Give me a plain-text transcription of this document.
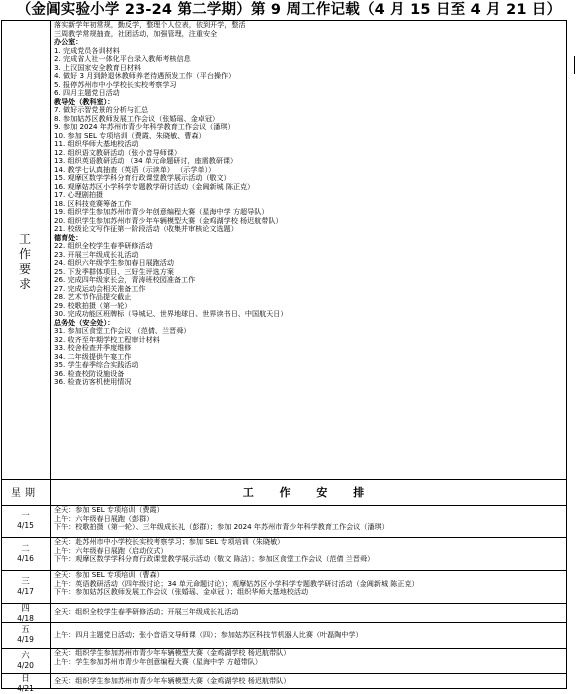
（金阊实验小学 23-24 第二学期）第 9 周工作记载（4 月 15 日至 4 月 21 日）
工
作
要
求
落实新学年初常规，勤反学，整理个人位表，依到开学，整活
三周教学常规抽查，社团活动，加强管理，注重安全
办公室：
1. 完成党员各训材料
2. 完成省人社一体化平台录入教师考核信息
3. 上汉国家安全教育日材料
4. 做好 3 月到龄退休教师养老待遇预发工作（平台操作）
5. 报停苏州市中小学校长实校考察学习
6. 四月主题党日活动
教导处（教科室）：
7. 做好示智党景的分析与汇总
8. 参加姑苏区教师发展工作会议（张婚瑶、金卓冠）
9. 参加 2024 年苏州市青少年科学教育工作会议（潘琪）
10. 参加 SEL 专项培训（费霞、朱晓敏、曹森）
11. 组织华师大基地校活动
12. 组织语文教研活动（张小音导师课）
13. 组织英语教研活动 （34 单元命题研讨，座需教研课）
14. 教学七认真抽查（英语（示读单） （示学单））
15. 观摩区数学学科分育行政课堂教学展示活动（敬文）
16. 观摩姑苏区小学科学专题教学研讨活动（金阊新城 陈正克）
17. 心理剧拍摄
18. 区科技竞赛筹备工作
19. 组织学生参加苏州市青少年创意编程大赛（星海中学 方超导队）
20. 组织学生参加苏州市青少年车辆模型大赛（金鸡湖学校 杨迟航带队）
21. 校级论文写作征第一阶段活动（收集并审核论文选题）
德育处：
22. 组织全校学生春季研修活动
23. 开展三年级成长礼活动
24. 组织六年级学生参加春日展跑活动
25. 下发季群体项目、三好生评选方案
26. 完成四年级家长会，青涛班校园准备工作
27. 完成运动会相关准备工作
28. 艺术节作品提交截止
29. 校歌拍摄（第一轮）
30. 完成功能区班牌标（导城记、世界地球日、世界读书日、中国航天日）
总务处（安全处）：
31. 参加区食堂工作会议 （范倩、兰晋舜）
32. 收齐至年期学校工程审计材料
33. 校舍检查并季度维修
34. 二年级提供午宴工作
35. 学生春季综合实践活动
36. 检查校防设施设备
36. 检查访客机使用情况
星期	工 作 安 排
一
4/15
全天：参加 SEL 专项培训（费霞）
上午：六年级春日展跑（彭群）
下午：校歌拍摄（第一轮）、三年级成长礼（彭群）；参加 2024 年苏州市青少年科学教育工作会议（潘琪）
二
4/16
全天：赴苏州市中小学校长实校考察学习；参加 SEL 专项培训（朱晓敏）
上午：六年级春日展跑（启动仪式）
下午：观摩区数学学科分育行政课堂教学展示活动（敬文 陈洁）；参加区食堂工作会议（范倩 兰晋舜）
三
4/17
全天：参加 SEL 专项培训（曹森）
上午：英语教研活动（四年级讨论；34 单元命题讨论）；观摩姑苏区小学科学专题教学研讨活动（金阊新城 陈正克）
下午：参加姑苏区教师发展工作会议（张婚瑶、金卓冠 ）；组织华师大基地校活动
四
4/18
全天：组织全校学生春季研修活动；开展三年级成长礼活动
五
4/19
上午：四月主题党日活动；张小音语文导师课（四）；参加姑苏区科技节机器人比赛（叶磊陶中学）
六
4/20
全天：组织学生参加苏州市青少年车辆模型大赛（金鸡湖学校 杨迟航带队）
上午：学生参加苏州市青少年创意编程大赛（星海中学 方超带队）
日
4/21
全天：组织学生参加苏州市青少年车辆模型大赛（金鸡湖学校 杨迟航带队）
